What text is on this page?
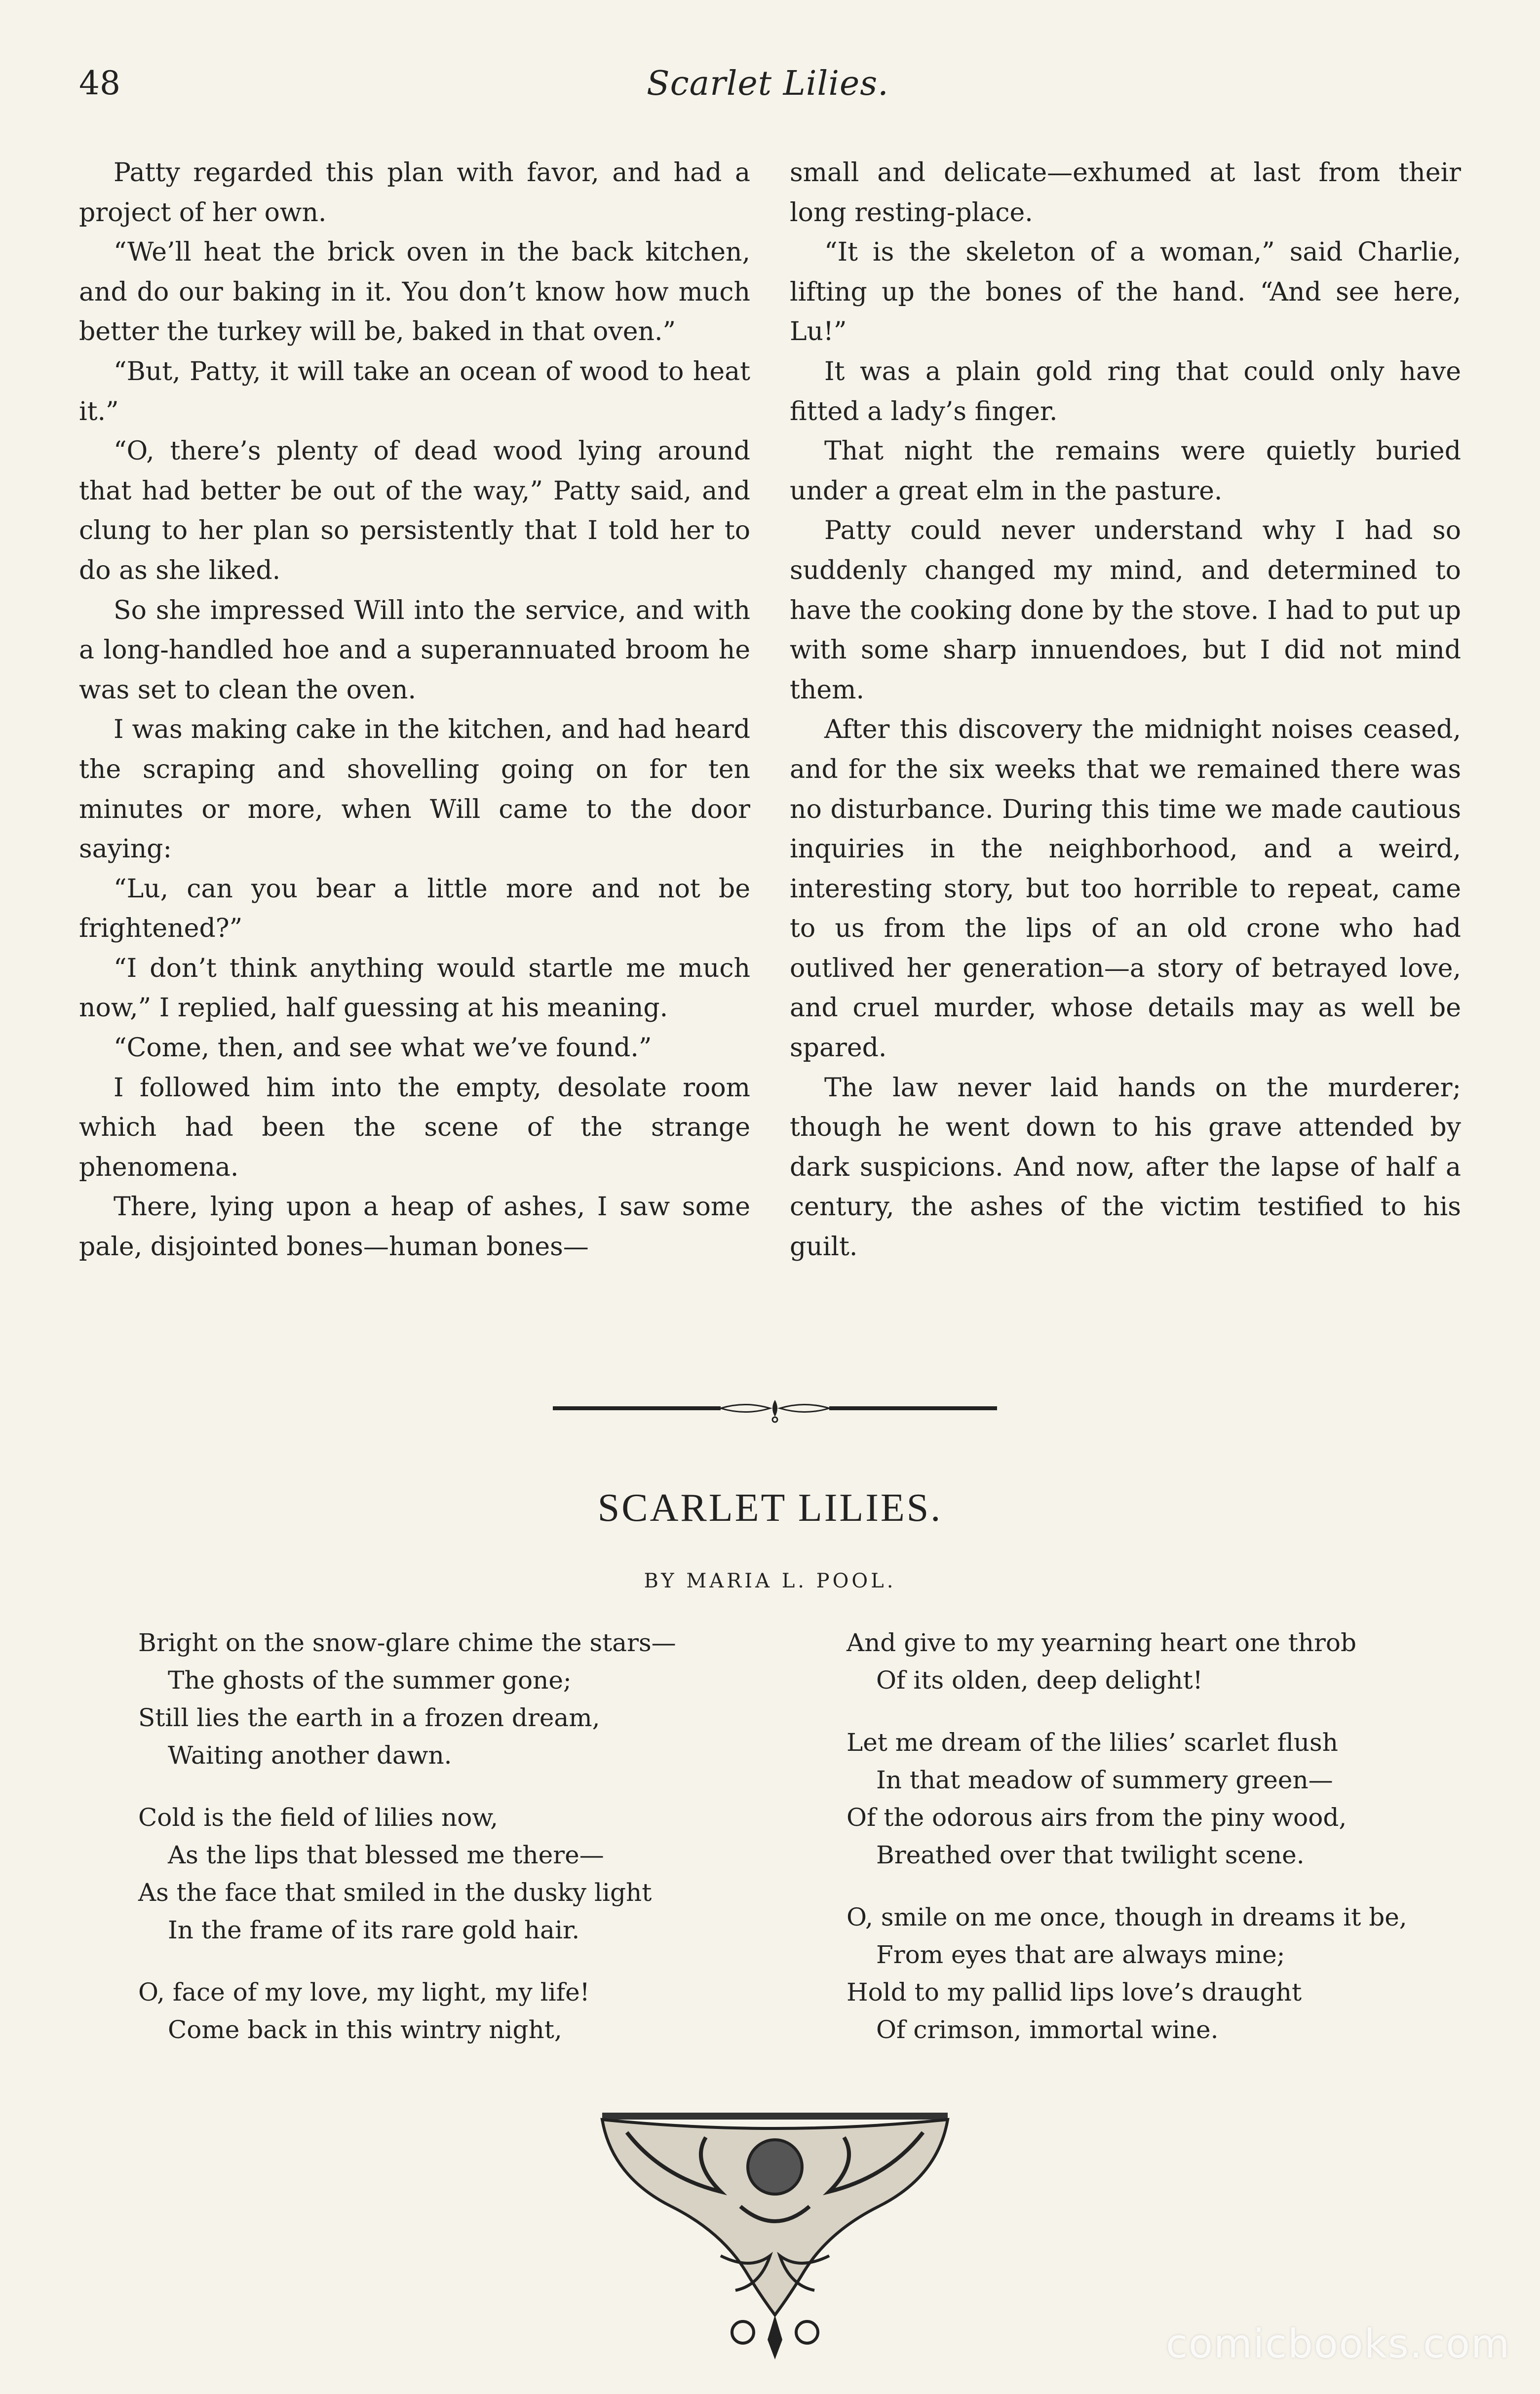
48	Scarlet Lilies.

Patty regarded this plan with favor, and had a project of her own.

“We’ll heat the brick oven in the back kitchen, and do our baking in it. You don’t know how much better the turkey will be, baked in that oven.”

“But, Patty, it will take an ocean of wood to heat it.”

“O, there’s plenty of dead wood lying around that had better be out of the way,” Patty said, and clung to her plan so persistently that I told her to do as she liked.

So she impressed Will into the service, and with a long-handled hoe and a superannuated broom he was set to clean the oven.

I was making cake in the kitchen, and had heard the scraping and shovelling going on for ten minutes or more, when Will came to the door saying:

“Lu, can you bear a little more and not be frightened?”

“I don’t think anything would startle me much now,” I replied, half guessing at his meaning.

“Come, then, and see what we’ve found.”

I followed him into the empty, desolate room which had been the scene of the strange phenomena.

There, lying upon a heap of ashes, I saw some pale, disjointed bones—human bones—

small and delicate—exhumed at last from their long resting-place.

“It is the skeleton of a woman,” said Charlie, lifting up the bones of the hand. “And see here, Lu!”

It was a plain gold ring that could only have fitted a lady’s finger.

That night the remains were quietly buried under a great elm in the pasture.

Patty could never understand why I had so suddenly changed my mind, and determined to have the cooking done by the stove. I had to put up with some sharp innuendoes, but I did not mind them.

After this discovery the midnight noises ceased, and for the six weeks that we remained there was no disturbance. During this time we made cautious inquiries in the neighborhood, and a weird, interesting story, but too horrible to repeat, came to us from the lips of an old crone who had outlived her generation—a story of betrayed love, and cruel murder, whose details may as well be spared.

The law never laid hands on the murderer; though he went down to his grave attended by dark suspicions. And now, after the lapse of half a century, the ashes of the victim testified to his guilt.

SCARLET LILIES.
BY MARIA L. POOL.
Bright on the snow-glare chime the stars—
The ghosts of the summer gone;
Still lies the earth in a frozen dream,
Waiting another dawn.
Cold is the field of lilies now,
As the lips that blessed me there—
As the face that smiled in the dusky light
In the frame of its rare gold hair.
O, face of my love, my light, my life!
Come back in this wintry night,
And give to my yearning heart one throb
Of its olden, deep delight!
Let me dream of the lilies’ scarlet flush
In that meadow of summery green—
Of the odorous airs from the piny wood,
Breathed over that twilight scene.
O, smile on me once, though in dreams it be,
From eyes that are always mine;
Hold to my pallid lips love’s draught
Of crimson, immortal wine.
comicbooks.com
